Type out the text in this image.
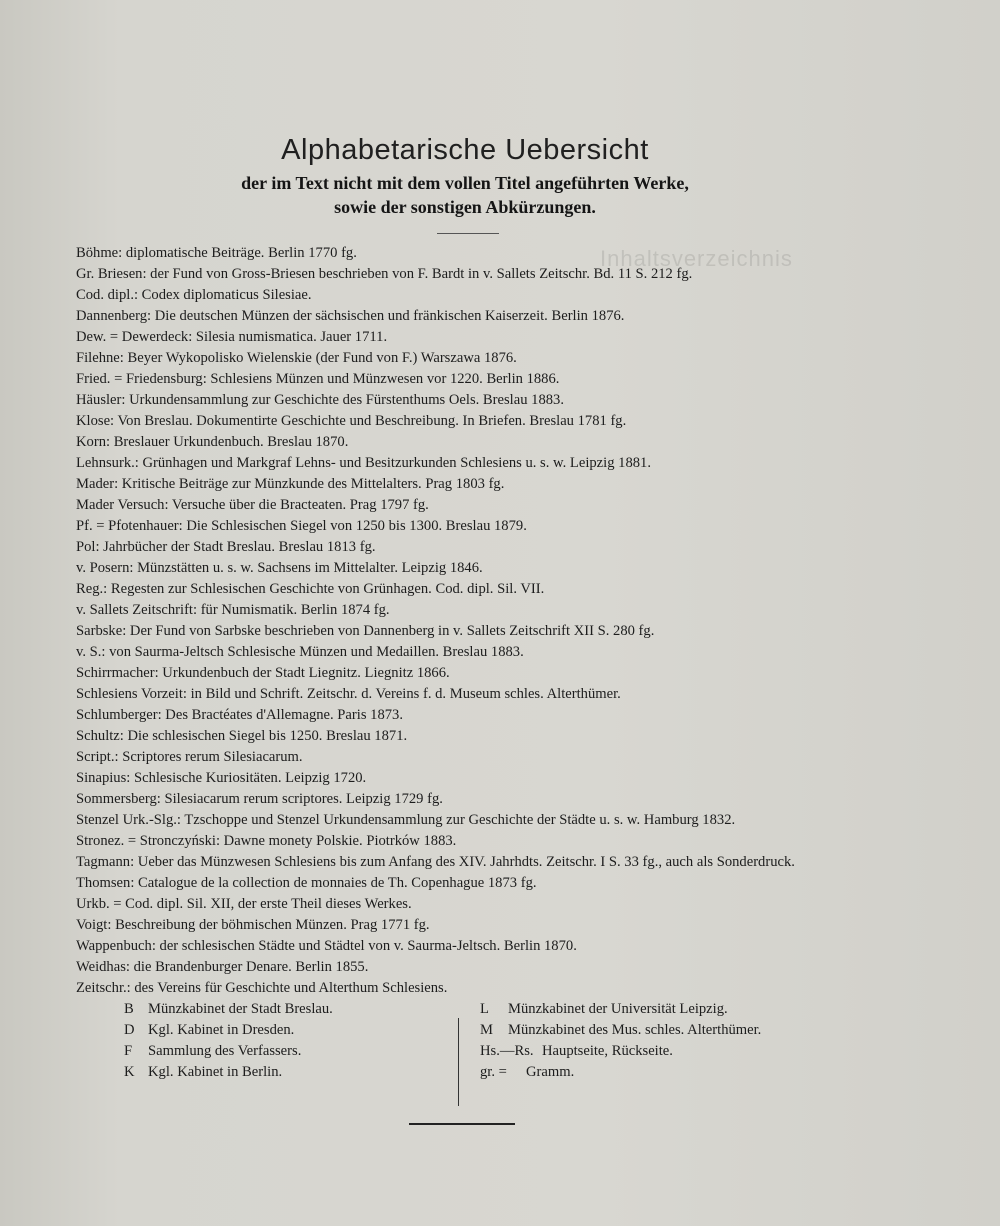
Inhaltsverzeichnis
Alphabetarische Uebersicht
der im Text nicht mit dem vollen Titel angeführten Werke,
sowie der sonstigen Abkürzungen.
Böhme: diplomatische Beiträge. Berlin 1770 fg.
Gr. Briesen: der Fund von Gross-Briesen beschrieben von F. Bardt in v. Sallets Zeitschr. Bd. 11 S. 212 fg.
Cod. dipl.: Codex diplomaticus Silesiae.
Dannenberg: Die deutschen Münzen der sächsischen und fränkischen Kaiserzeit. Berlin 1876.
Dew. = Dewerdeck: Silesia numismatica. Jauer 1711.
Filehne: Beyer Wykopolisko Wielenskie (der Fund von F.) Warszawa 1876.
Fried. = Friedensburg: Schlesiens Münzen und Münzwesen vor 1220. Berlin 1886.
Häusler: Urkundensammlung zur Geschichte des Fürstenthums Oels. Breslau 1883.
Klose: Von Breslau. Dokumentirte Geschichte und Beschreibung. In Briefen. Breslau 1781 fg.
Korn: Breslauer Urkundenbuch. Breslau 1870.
Lehnsurk.: Grünhagen und Markgraf Lehns- und Besitzurkunden Schlesiens u. s. w. Leipzig 1881.
Mader: Kritische Beiträge zur Münzkunde des Mittelalters. Prag 1803 fg.
Mader Versuch: Versuche über die Bracteaten. Prag 1797 fg.
Pf. = Pfotenhauer: Die Schlesischen Siegel von 1250 bis 1300. Breslau 1879.
Pol: Jahrbücher der Stadt Breslau. Breslau 1813 fg.
v. Posern: Münzstätten u. s. w. Sachsens im Mittelalter. Leipzig 1846.
Reg.: Regesten zur Schlesischen Geschichte von Grünhagen. Cod. dipl. Sil. VII.
v. Sallets Zeitschrift: für Numismatik. Berlin 1874 fg.
Sarbske: Der Fund von Sarbske beschrieben von Dannenberg in v. Sallets Zeitschrift XII S. 280 fg.
v. S.: von Saurma-Jeltsch Schlesische Münzen und Medaillen. Breslau 1883.
Schirrmacher: Urkundenbuch der Stadt Liegnitz. Liegnitz 1866.
Schlesiens Vorzeit: in Bild und Schrift. Zeitschr. d. Vereins f. d. Museum schles. Alterthümer.
Schlumberger: Des Bractéates d'Allemagne. Paris 1873.
Schultz: Die schlesischen Siegel bis 1250. Breslau 1871.
Script.: Scriptores rerum Silesiacarum.
Sinapius: Schlesische Kuriositäten. Leipzig 1720.
Sommersberg: Silesiacarum rerum scriptores. Leipzig 1729 fg.
Stenzel Urk.-Slg.: Tzschoppe und Stenzel Urkundensammlung zur Geschichte der Städte u. s. w. Hamburg 1832.
Stronez. = Stronczyński: Dawne monety Polskie. Piotrków 1883.
Tagmann: Ueber das Münzwesen Schlesiens bis zum Anfang des XIV. Jahrhdts. Zeitschr. I S. 33 fg., auch als Sonderdruck.
Thomsen: Catalogue de la collection de monnaies de Th. Copenhague 1873 fg.
Urkb. = Cod. dipl. Sil. XII, der erste Theil dieses Werkes.
Voigt: Beschreibung der böhmischen Münzen. Prag 1771 fg.
Wappenbuch: der schlesischen Städte und Städtel von v. Saurma-Jeltsch. Berlin 1870.
Weidhas: die Brandenburger Denare. Berlin 1855.
Zeitschr.: des Vereins für Geschichte und Alterthum Schlesiens.
B Münzkabinet der Stadt Breslau.
D Kgl. Kabinet in Dresden.
F Sammlung des Verfassers.
K Kgl. Kabinet in Berlin.
L Münzkabinet der Universität Leipzig.
M Münzkabinet des Mus. schles. Alterthümer.
Hs.—Rs. Hauptseite, Rückseite.
gr. = Gramm.
